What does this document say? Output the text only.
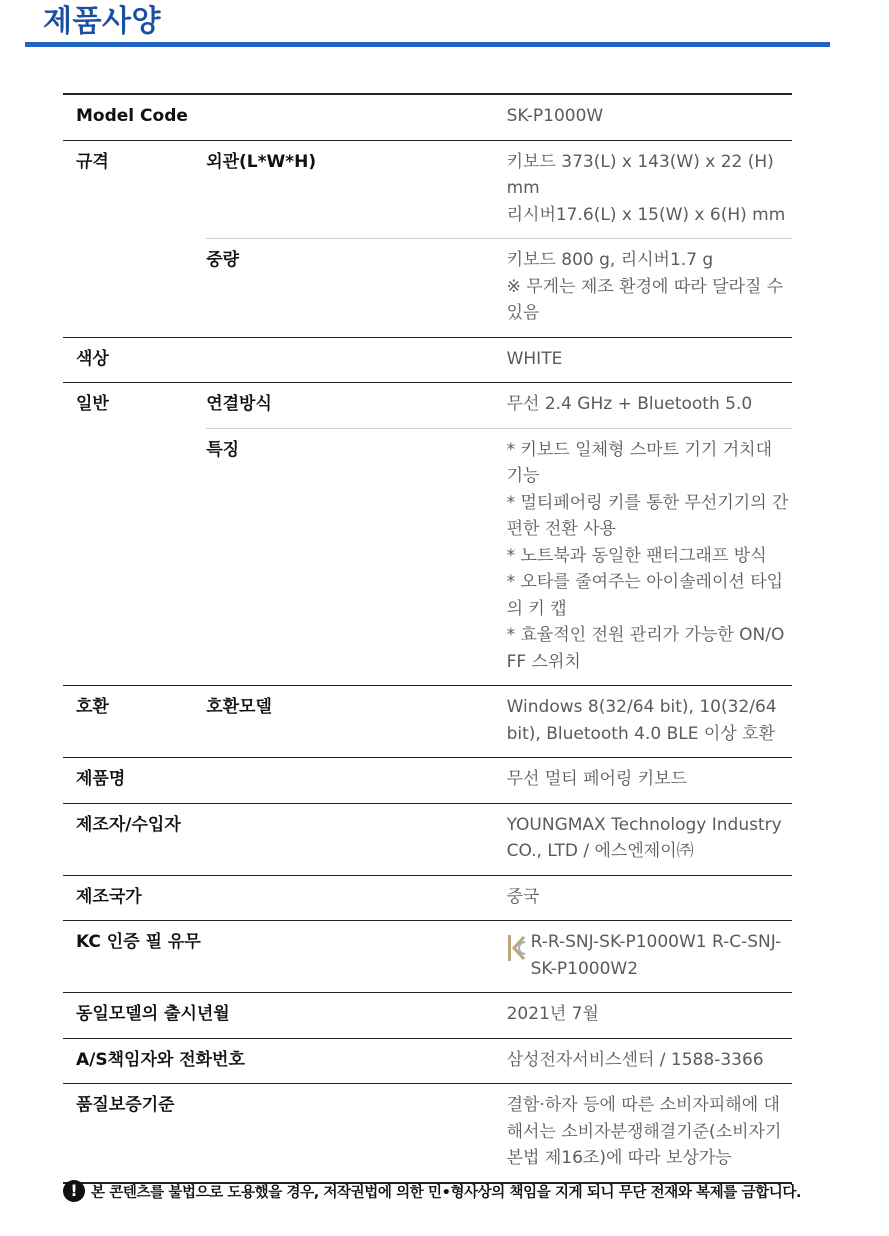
제품사양
Model Code		SK-P1000W
규격	외관(L*W*H)	키보드 373(L) x 143(W) x 22 (H) mm
리시버17.6(L) x 15(W) x 6(H) mm

	중량	키보드 800 g, 리시버1.7 g
※ 무게는 제조 환경에 따라 달라질 수 있음

색상		WHITE
일반	연결방식	무선 2.4 GHz + Bluetooth 5.0
	특징	* 키보드 일체형 스마트 기기 거치대 기능
* 멀티페어링 키를 통한 무선기기의 간편한 전환 사용
* 노트북과 동일한 팬터그래프 방식
* 오타를 줄여주는 아이솔레이션 타입의 키 캡
* 효율적인 전원 관리가 가능한 ON/OFF 스위치

호환	호환모델	Windows 8(32/64 bit), 10(32/64 bit), Bluetooth 4.0 BLE 이상 호환
제품명		무선 멀티 페어링 키보드
제조자/수입자		YOUNGMAX Technology Industry CO., LTD / 에스엔제이㈜
제조국가		중국
KC 인증 필 유무		R-R-SNJ-SK-P1000W1 R-C-SNJ-SK-P1000W2

동일모델의 출시년월		2021년 7월
A/S책임자와 전화번호		삼성전자서비스센터 / 1588-3366
품질보증기준		결함·하자 등에 따른 소비자피해에 대해서는 소비자분쟁해결기준(소비자기본법 제16조)에 따라 보상가능
! 본 콘텐츠를 불법으로 도용했을 경우, 저작권법에 의한 민•형사상의 책임을 지게 되니 무단 전재와 복제를 금합니다.
